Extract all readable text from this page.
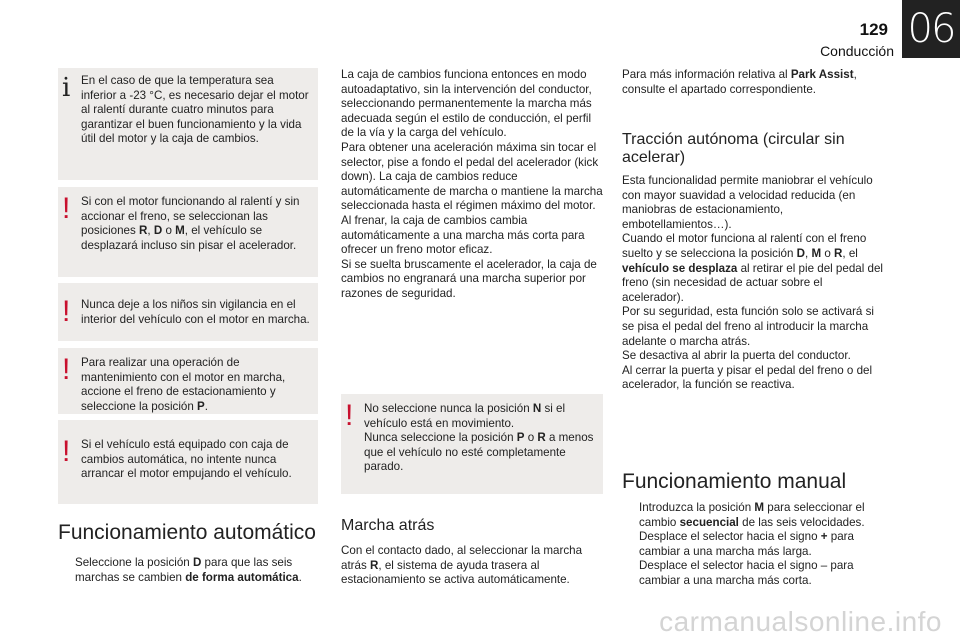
129 06
Conducción
i En el caso de que la temperatura sea inferior a -23 °C, es necesario dejar el motor al ralentí durante cuatro minutos para garantizar el buen funcionamiento y la vida útil del motor y la caja de cambios.
! Si con el motor funcionando al ralentí y sin accionar el freno, se seleccionan las posiciones R, D o M, el vehículo se desplazará incluso sin pisar el acelerador.
! Nunca deje a los niños sin vigilancia en el interior del vehículo con el motor en marcha.
! Para realizar una operación de mantenimiento con el motor en marcha, accione el freno de estacionamiento y seleccione la posición P.
! Si el vehículo está equipado con caja de cambios automática, no intente nunca arrancar el motor empujando el vehículo.
Funcionamiento automático
Seleccione la posición D para que las seis marchas se cambien de forma automática.
La caja de cambios funciona entonces en modo autoadaptativo, sin la intervención del conductor, seleccionando permanentemente la marcha más adecuada según el estilo de conducción, el perfil de la vía y la carga del vehículo.
Para obtener una aceleración máxima sin tocar el selector, pise a fondo el pedal del acelerador (kick down). La caja de cambios reduce automáticamente de marcha o mantiene la marcha seleccionada hasta el régimen máximo del motor.
Al frenar, la caja de cambios cambia automáticamente a una marcha más corta para ofrecer un freno motor eficaz.
Si se suelta bruscamente el acelerador, la caja de cambios no engranará una marcha superior por razones de seguridad.
! No seleccione nunca la posición N si el vehículo está en movimiento.
Nunca seleccione la posición P o R a menos que el vehículo no esté completamente parado.
Marcha atrás
Con el contacto dado, al seleccionar la marcha atrás R, el sistema de ayuda trasera al estacionamiento se activa automáticamente.
Para más información relativa al Park Assist, consulte el apartado correspondiente.
Tracción autónoma (circular sin acelerar)
Esta funcionalidad permite maniobrar el vehículo con mayor suavidad a velocidad reducida (en maniobras de estacionamiento, embotellamientos…).
Cuando el motor funciona al ralentí con el freno suelto y se selecciona la posición D, M o R, el vehículo se desplaza al retirar el pie del pedal del freno (sin necesidad de actuar sobre el acelerador).
Por su seguridad, esta función solo se activará si se pisa el pedal del freno al introducir la marcha adelante o marcha atrás.
Se desactiva al abrir la puerta del conductor.
Al cerrar la puerta y pisar el pedal del freno o del acelerador, la función se reactiva.
Funcionamiento manual
Introduzca la posición M para seleccionar el cambio secuencial de las seis velocidades.
Desplace el selector hacia el signo + para cambiar a una marcha más larga.
Desplace el selector hacia el signo – para cambiar a una marcha más corta.
carmanualsonline.info
